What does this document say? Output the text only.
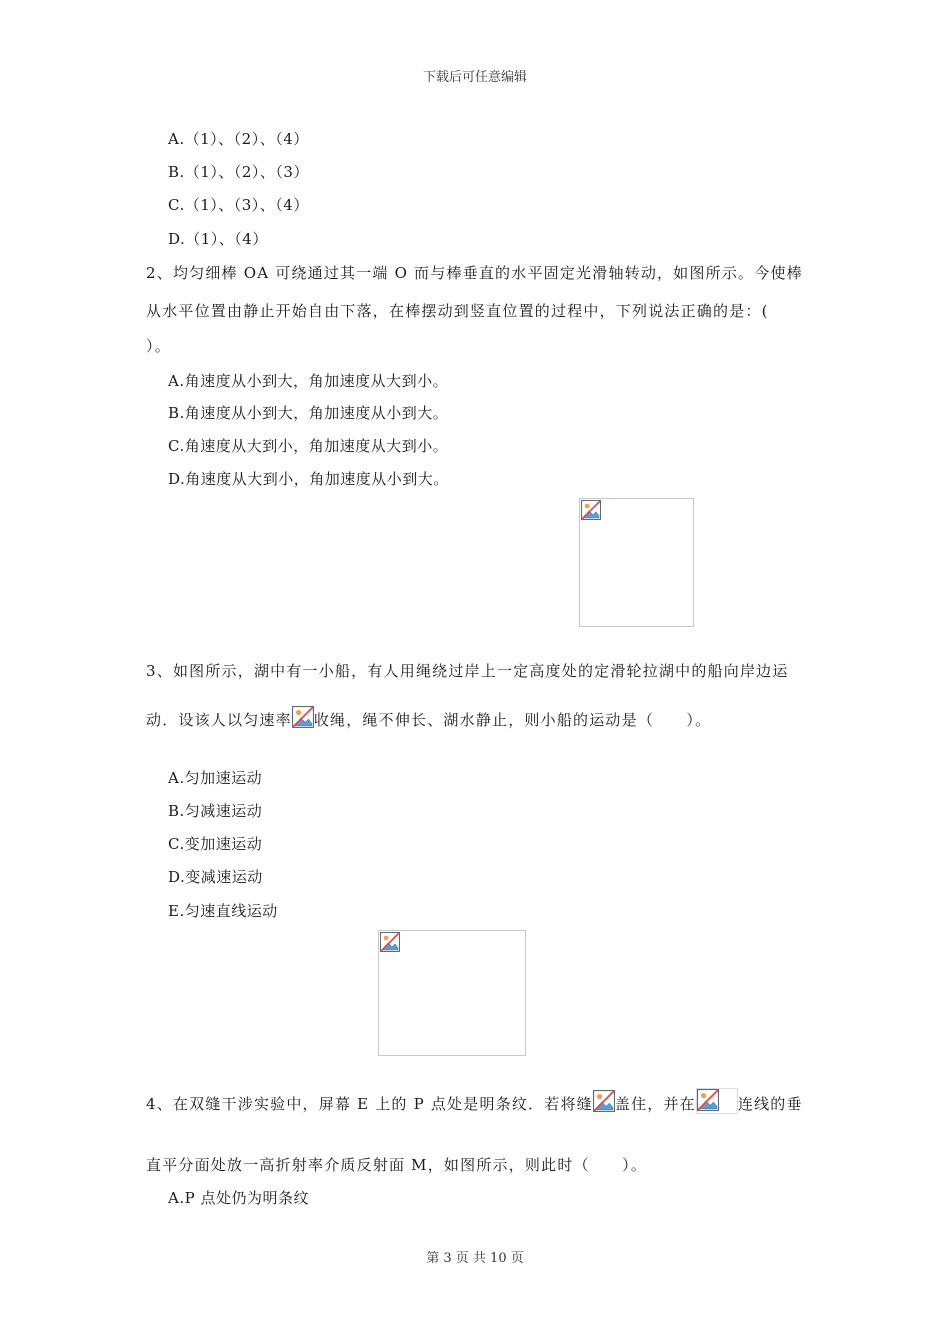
下载后可任意编辑
A.（1）、（2）、（4）
B.（1）、（2）、（3）
C.（1）、（3）、（4）
D.（1）、（4）
2、均匀细棒 OA 可绕通过其一端 O 而与棒垂直的水平固定光滑轴转动，如图所示。今使棒
从水平位置由静止开始自由下落，在棒摆动到竖直位置的过程中，下列说法正确的是：(
）。
A.角速度从小到大，角加速度从大到小。
B.角速度从小到大，角加速度从小到大。
C.角速度从大到小，角加速度从大到小。
D.角速度从大到小，角加速度从小到大。
3、如图所示，湖中有一小船，有人用绳绕过岸上一定高度处的定滑轮拉湖中的船向岸边运
动．设该人以匀速率 收绳，绳不伸长、湖水静止，则小船的运动是（　　）。
A.匀加速运动
B.匀减速运动
C.变加速运动
D.变减速运动
E.匀速直线运动
4、在双缝干涉实验中，屏幕 E 上的 P 点处是明条纹．若将缝 盖住，并在	连线的垂
直平分面处放一高折射率介质反射面 M，如图所示，则此时（　　）。
A.P 点处仍为明条纹
第 3 页 共 10 页
